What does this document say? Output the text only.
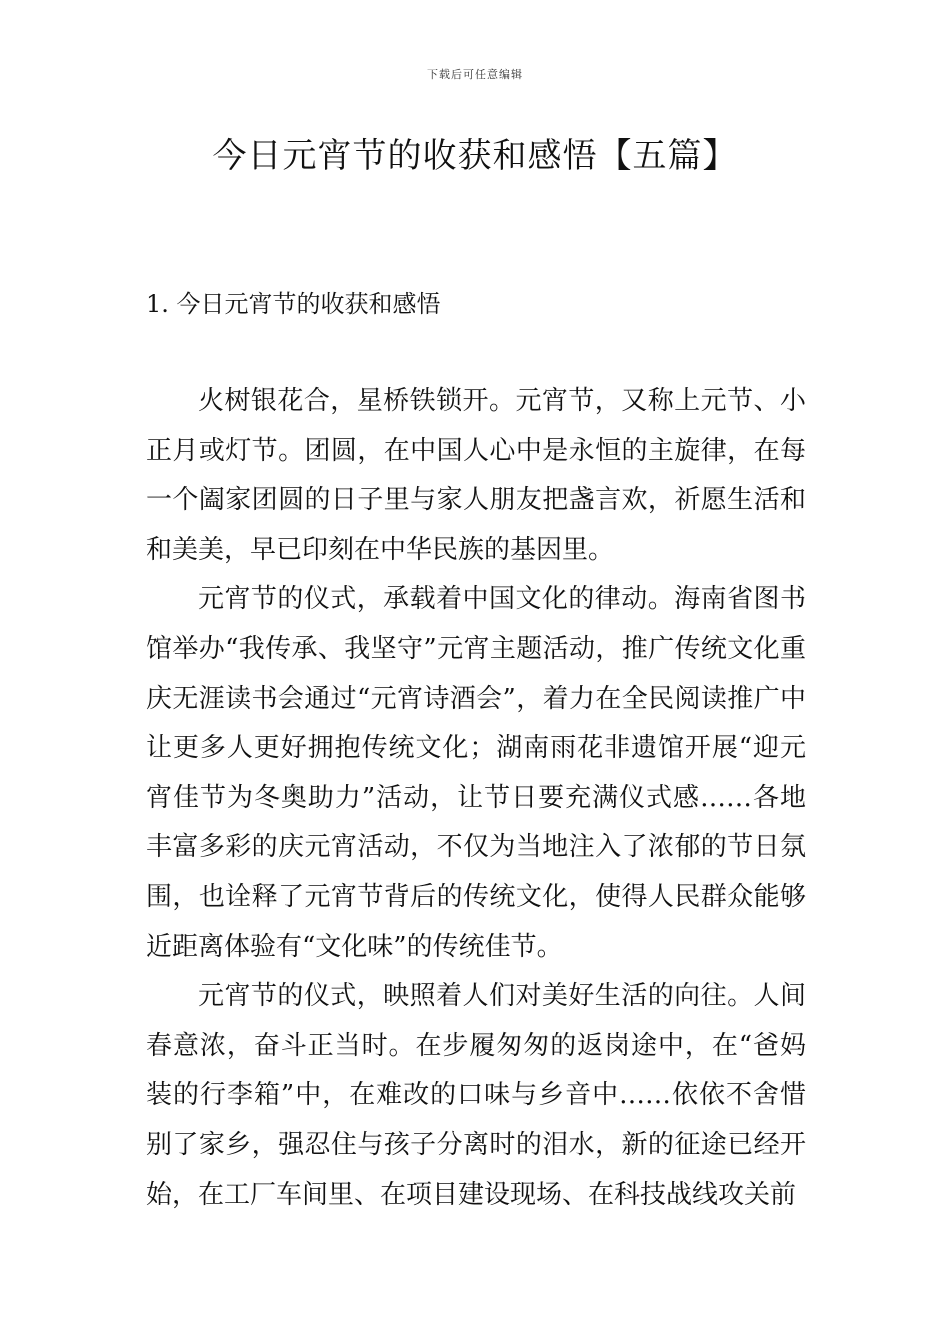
下载后可任意编辑
今日元宵节的收获和感悟【五篇】
1. 今日元宵节的收获和感悟

火树银花合，星桥铁锁开。元宵节，又称上元节、小正月或灯节。团圆，在中国人心中是永恒的主旋律，在每一个阖家团圆的日子里与家人朋友把盏言欢，祈愿生活和和美美，早已印刻在中华民族的基因里。

元宵节的仪式，承载着中国文化的律动。海南省图书馆举办“我传承、我坚守”元宵主题活动，推广传统文化重庆无涯读书会通过“元宵诗酒会”，着力在全民阅读推广中让更多人更好拥抱传统文化；湖南雨花非遗馆开展“迎元宵佳节为冬奥助力”活动，让节日要充满仪式感……各地丰富多彩的庆元宵活动，不仅为当地注入了浓郁的节日氛围，也诠释了元宵节背后的传统文化，使得人民群众能够近距离体验有“文化味”的传统佳节。

元宵节的仪式，映照着人们对美好生活的向往。人间春意浓，奋斗正当时。在步履匆匆的返岗途中，在“爸妈装的行李箱”中，在难改的口味与乡音中……依依不舍惜别了家乡，强忍住与孩子分离时的泪水，新的征途已经开始，在工厂车间里、在项目建设现场、在科技战线攻关前
